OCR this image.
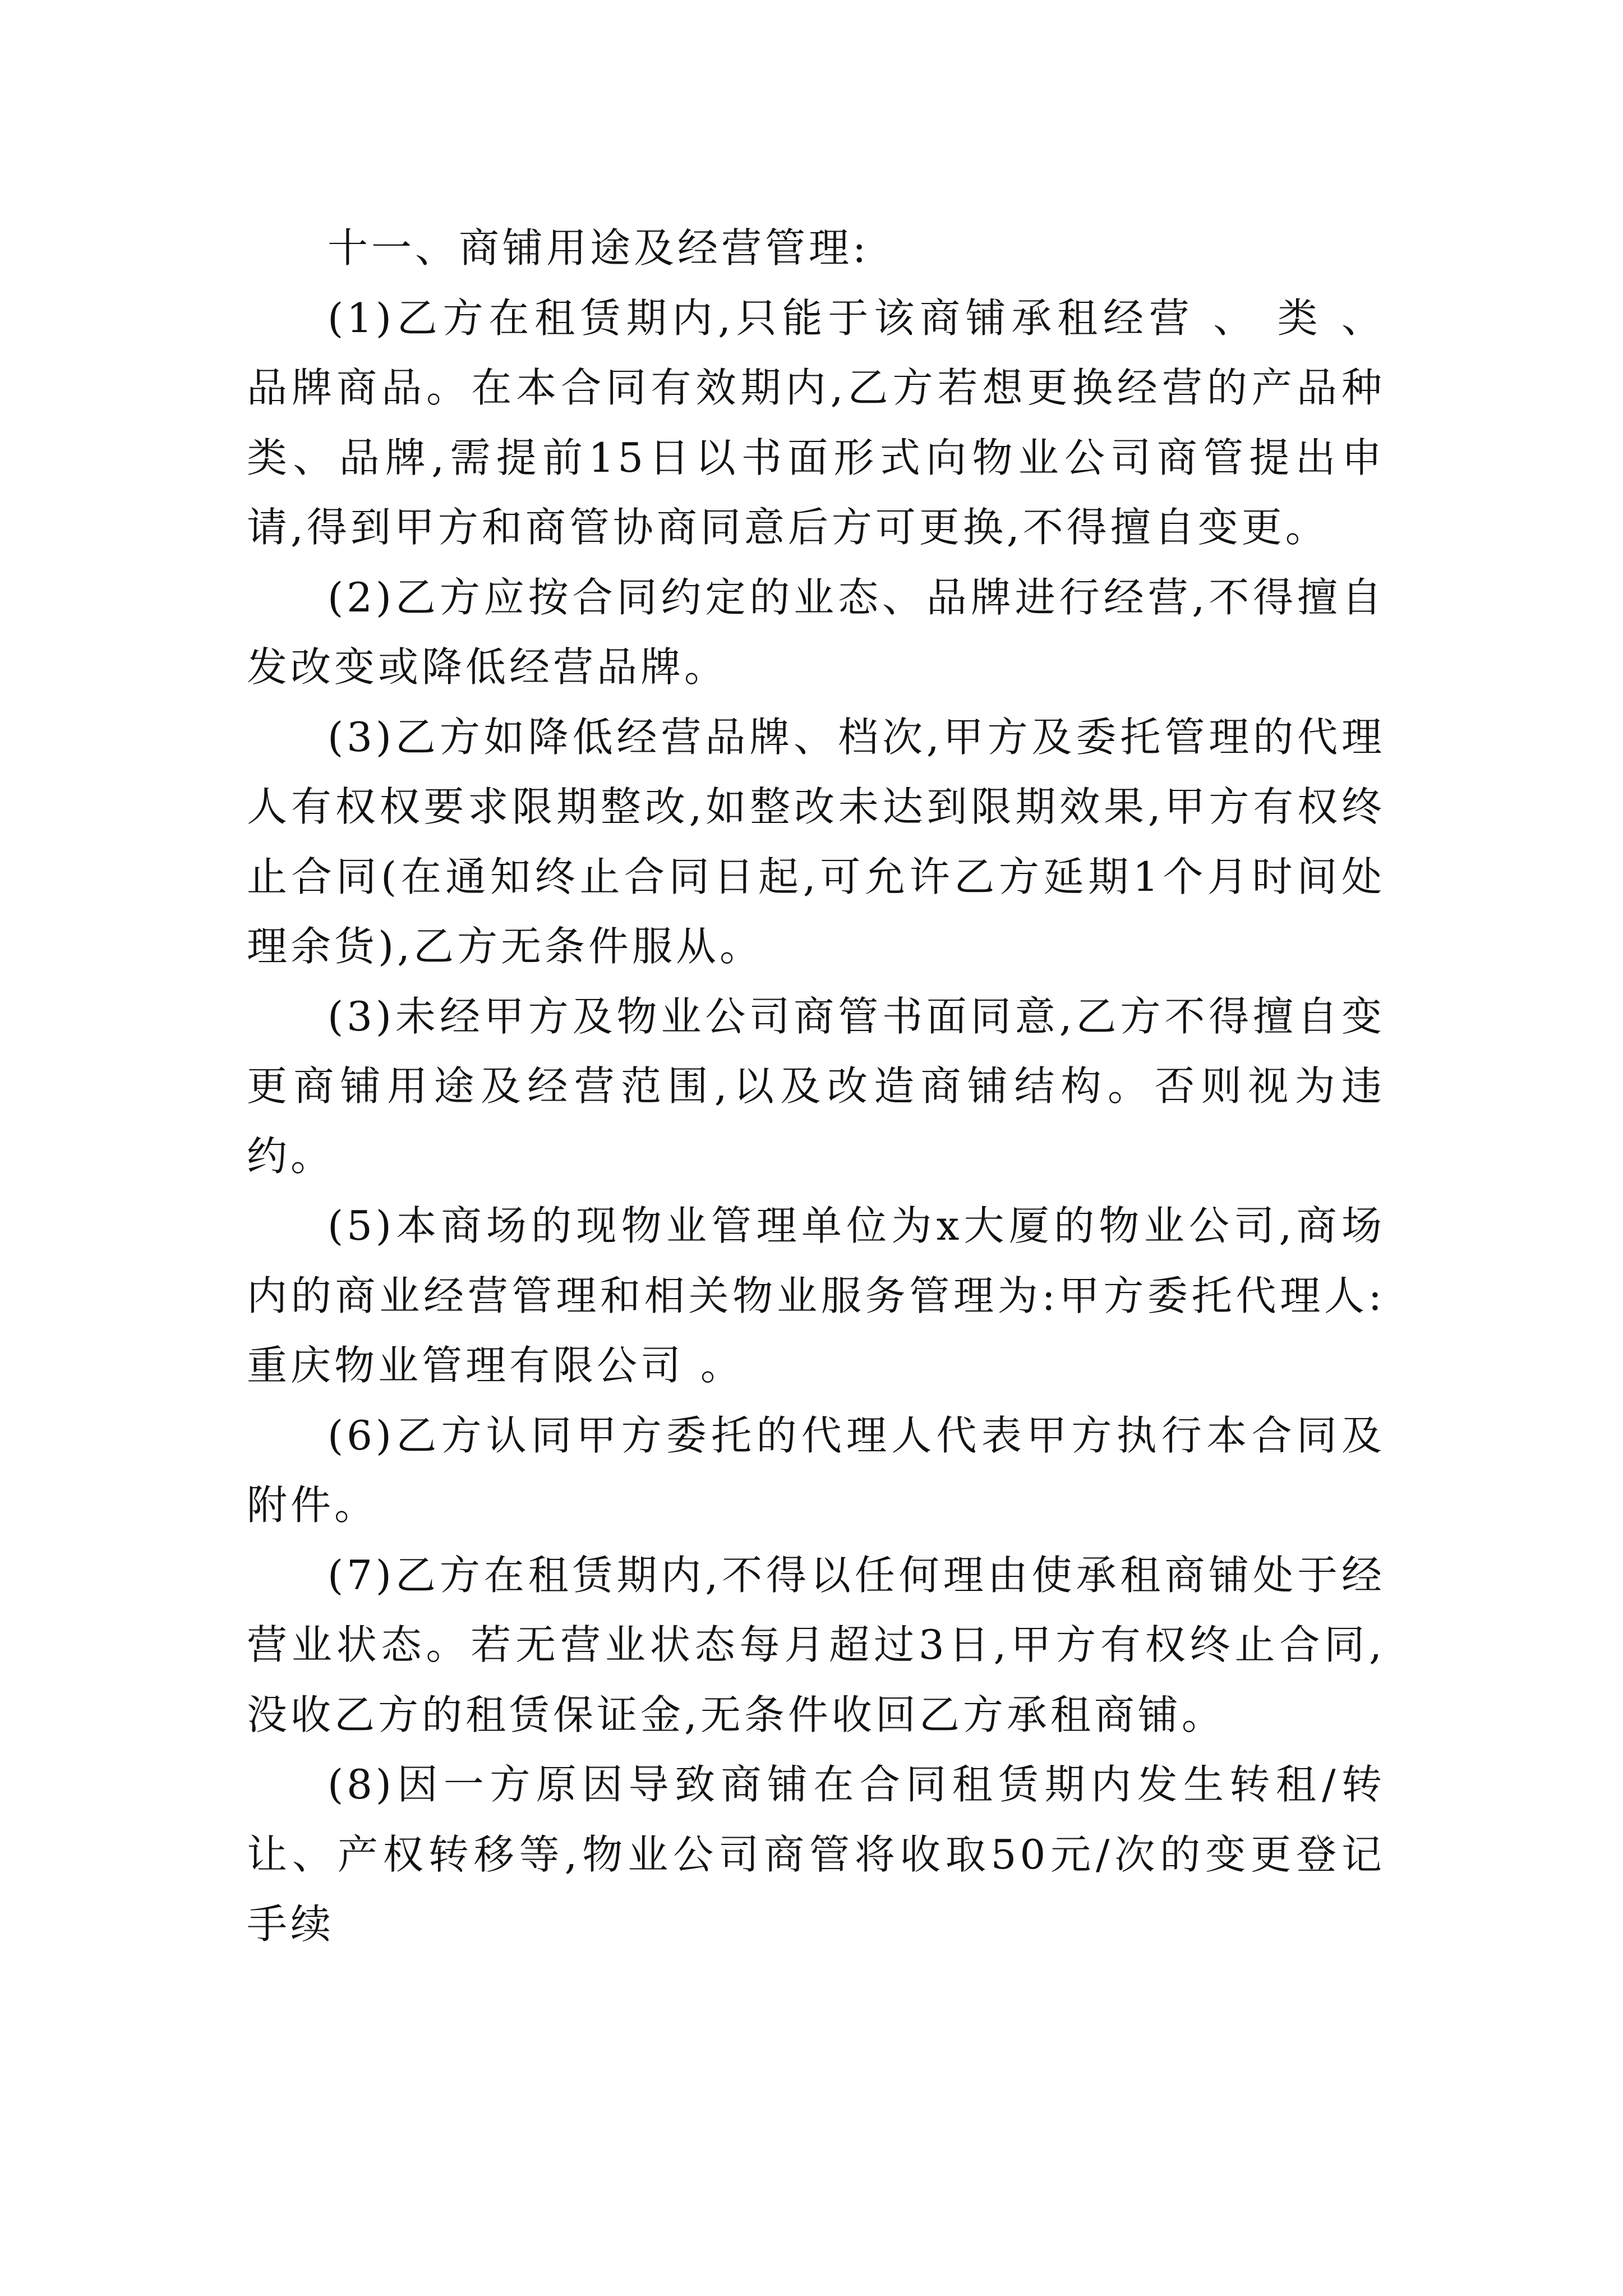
十一、商铺用途及经营管理:

(1)乙方在租赁期内,只能于该商铺承租经营 、 类 、 品牌商品。在本合同有效期内,乙方若想更换经营的产品种类、品牌,需提前15日以书面形式向物业公司商管提出申请,得到甲方和商管协商同意后方可更换,不得擅自变更。

(2)乙方应按合同约定的业态、品牌进行经营,不得擅自发改变或降低经营品牌。

(3)乙方如降低经营品牌、档次,甲方及委托管理的代理人有权权要求限期整改,如整改未达到限期效果,甲方有权终止合同(在通知终止合同日起,可允许乙方延期1个月时间处理余货),乙方无条件服从。

(3)未经甲方及物业公司商管书面同意,乙方不得擅自变更商铺用途及经营范围,以及改造商铺结构。否则视为违约。

(5)本商场的现物业管理单位为x大厦的物业公司,商场内的商业经营管理和相关物业服务管理为:甲方委托代理人:重庆物业管理有限公司 。

(6)乙方认同甲方委托的代理人代表甲方执行本合同及附件。

(7)乙方在租赁期内,不得以任何理由使承租商铺处于经营业状态。若无营业状态每月超过3日,甲方有权终止合同,没收乙方的租赁保证金,无条件收回乙方承租商铺。

(8)因一方原因导致商铺在合同租赁期内发生转租/转让、产权转移等,物业公司商管将收取50元/次的变更登记手续
